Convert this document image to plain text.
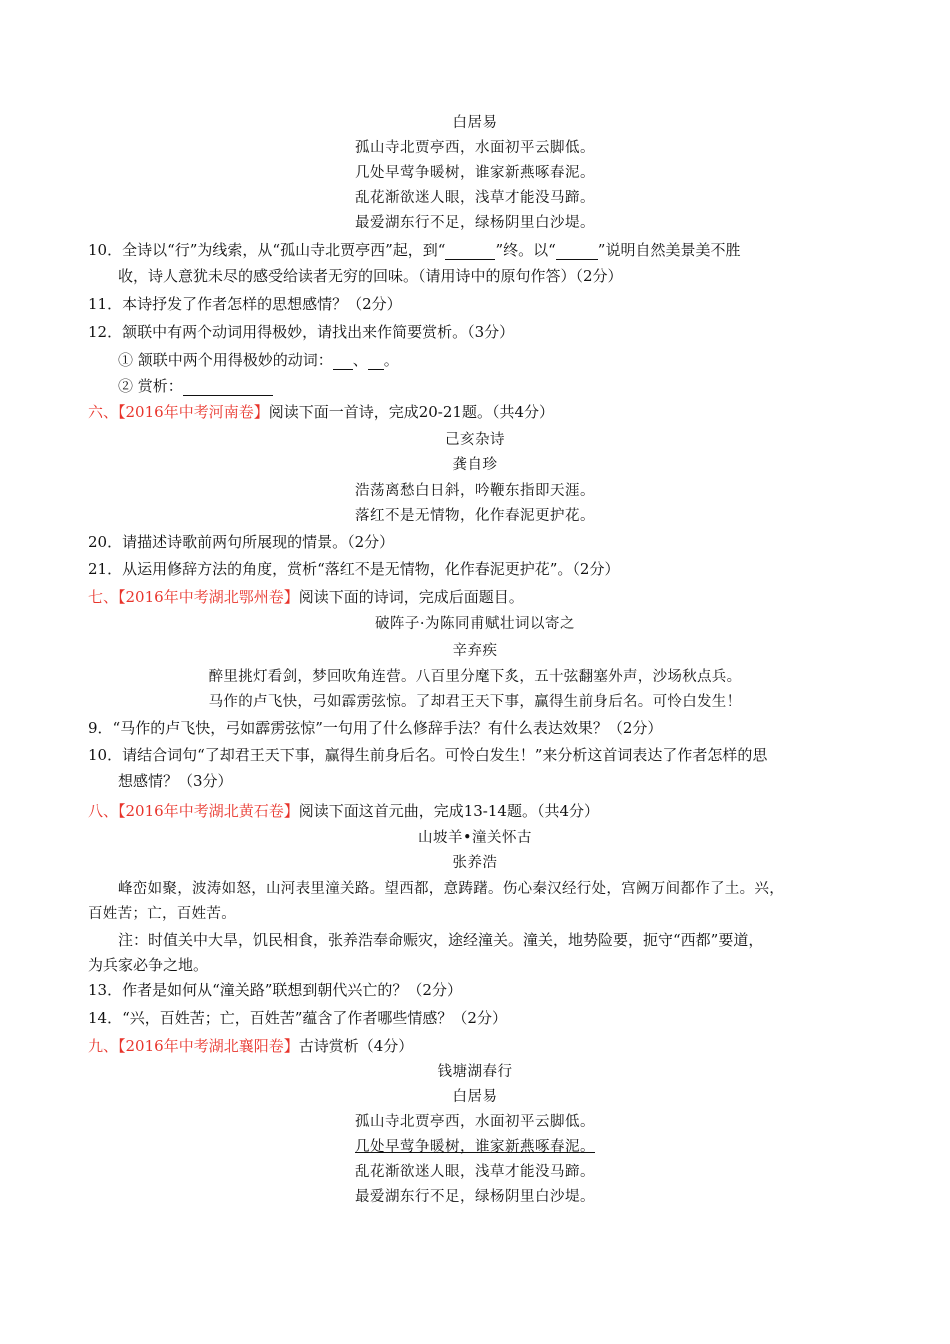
白居易
孤山寺北贾亭西，水面初平云脚低。
几处早莺争暖树，谁家新燕啄春泥。
乱花渐欲迷人眼，浅草才能没马蹄。
最爱湖东行不足，绿杨阴里白沙堤。
10．全诗以“行”为线索，从“孤山寺北贾亭西”起，到“	”终。以“	”说明自然美景美不胜
收，诗人意犹未尽的感受给读者无穷的回味。（请用诗中的原句作答）（2分）
11．本诗抒发了作者怎样的思想感情？（2分）
12．颔联中有两个动词用得极妙，请找出来作简要赏析。（3分）
① 颔联中两个用得极妙的动词： 、 。
② 赏析：
六、【2016年中考河南卷】阅读下面一首诗，完成20-21题。（共4分）
己亥杂诗
龚自珍
浩荡离愁白日斜，吟鞭东指即天涯。
落红不是无情物，化作春泥更护花。
20．请描述诗歌前两句所展现的情景。（2分）
21．从运用修辞方法的角度，赏析“落红不是无情物，化作春泥更护花”。（2分）
七、【2016年中考湖北鄂州卷】阅读下面的诗词，完成后面题目。
破阵子·为陈同甫赋壮词以寄之
辛弃疾
醉里挑灯看剑，梦回吹角连营。八百里分麾下炙，五十弦翻塞外声，沙场秋点兵。
马作的卢飞快，弓如霹雳弦惊。了却君王天下事，赢得生前身后名。可怜白发生！
9．“马作的卢飞快，弓如霹雳弦惊”一句用了什么修辞手法？有什么表达效果？（2分）
10．请结合词句“了却君王天下事，赢得生前身后名。可怜白发生！”来分析这首词表达了作者怎样的思
想感情？（3分）
八、【2016年中考湖北黄石卷】阅读下面这首元曲，完成13-14题。（共4分）
山坡羊•潼关怀古
张养浩
峰峦如聚，波涛如怒，山河表里潼关路。望西都，意踌躇。伤心秦汉经行处，宫阙万间都作了土。兴，
百姓苦；亡，百姓苦。
注：时值关中大旱，饥民相食，张养浩奉命赈灾，途经潼关。潼关，地势险要，扼守“西都”要道，
为兵家必争之地。
13．作者是如何从“潼关路”联想到朝代兴亡的？（2分）
14．“兴，百姓苦；亡，百姓苦”蕴含了作者哪些情感？（2分）
九、【2016年中考湖北襄阳卷】古诗赏析（4分）
钱塘湖春行
白居易
孤山寺北贾亭西，水面初平云脚低。
几处早莺争暖树，谁家新燕啄春泥。
乱花渐欲迷人眼，浅草才能没马蹄。
最爱湖东行不足，绿杨阴里白沙堤。
